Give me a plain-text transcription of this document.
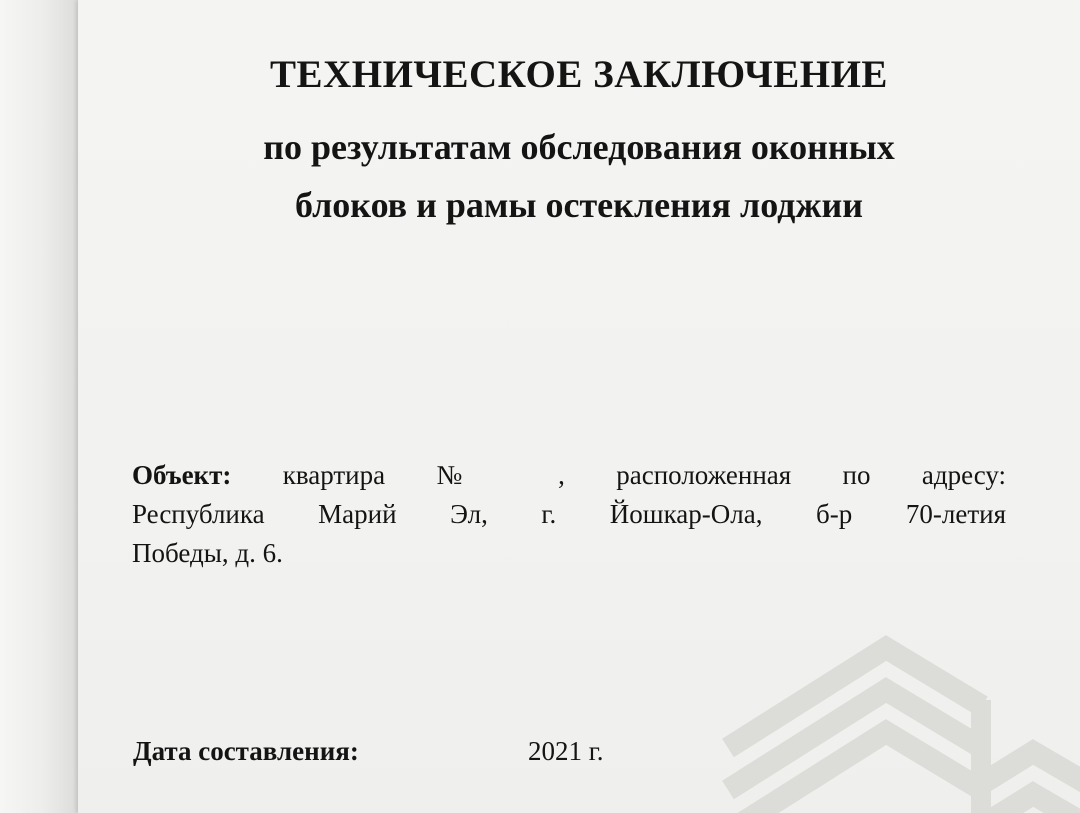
ТЕХНИЧЕСКОЕ ЗАКЛЮЧЕНИЕ
по результатам обследования оконных
блоков и рамы остекления лоджии

Объект: квартира № , расположенная по адресу:
Республика Марий Эл, г. Йошкар-Ола, б-р 70-летия
Победы, д. 6.

Дата составления:	2021 г.
